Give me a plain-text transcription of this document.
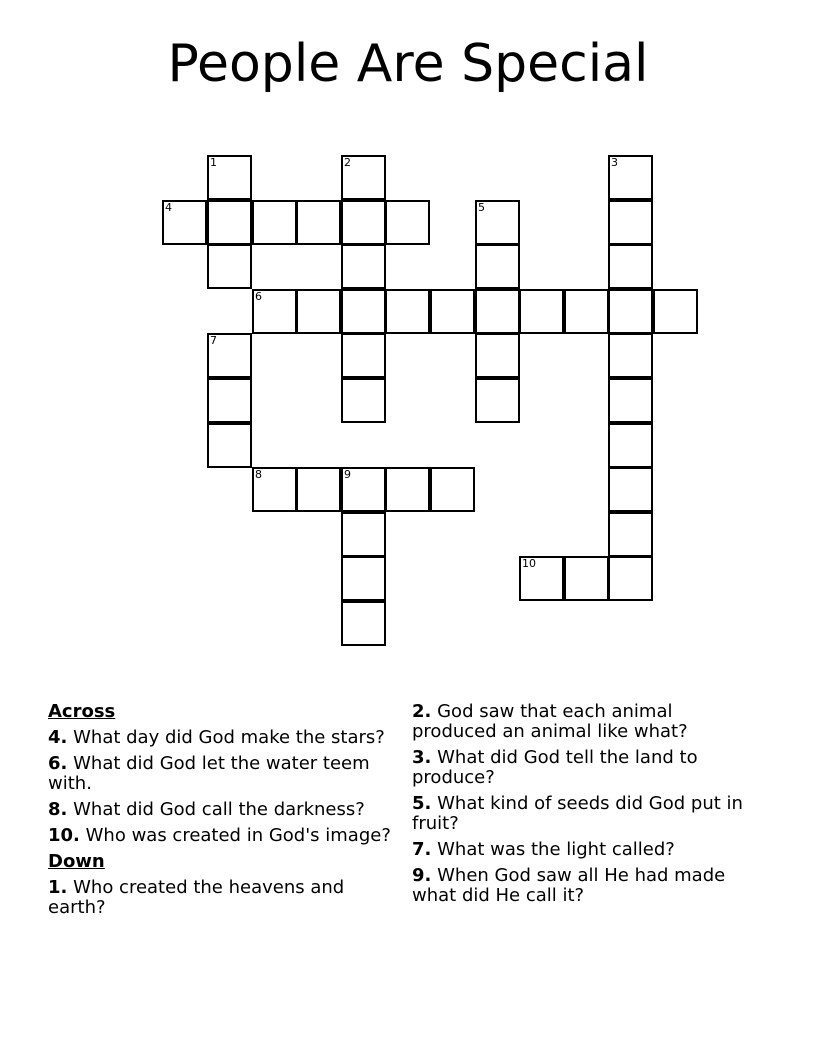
People Are Special
1	2	3
4	5
6
7
8	9
10
Across
4. What day did God make the stars?
6. What did God let the water teem with.
8. What did God call the darkness?
10. Who was created in God's image?
Down
1. Who created the heavens and earth?
2. God saw that each animal produced an animal like what?
3. What did God tell the land to produce?
5. What kind of seeds did God put in fruit?
7. What was the light called?
9. When God saw all He had made what did He call it?
